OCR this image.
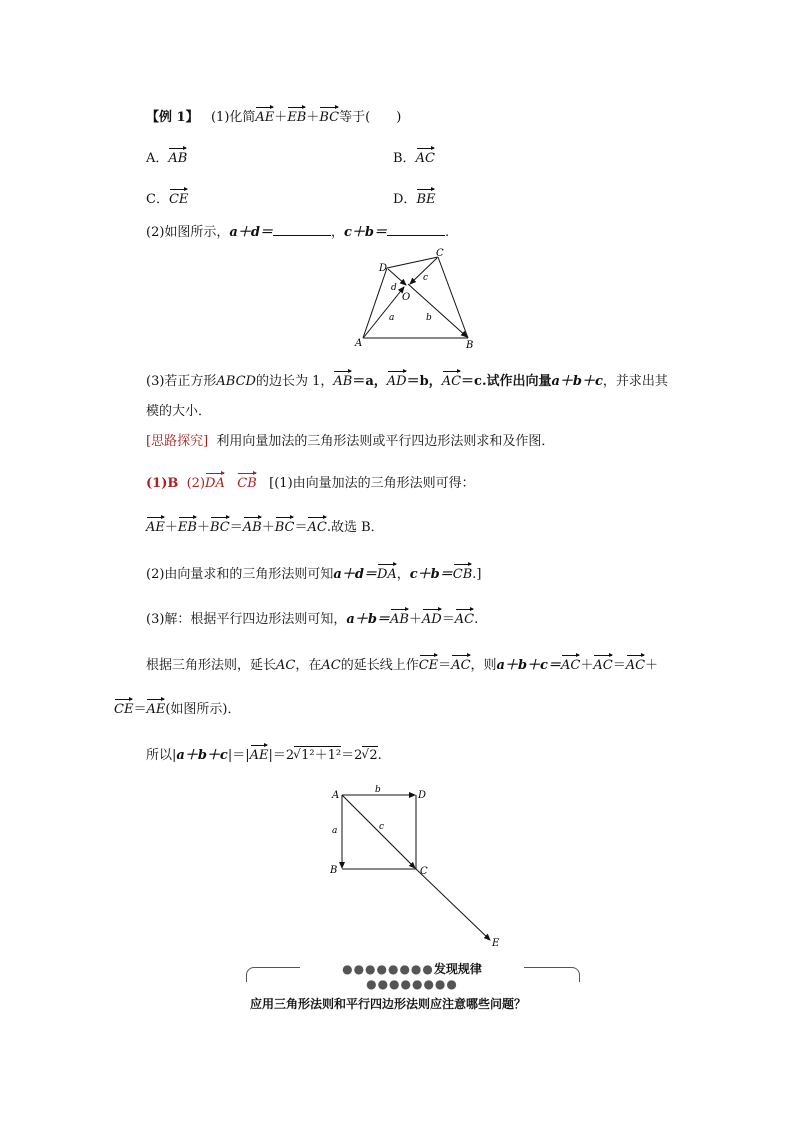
【例 1】 (1)化简AE＋EB＋BC等于(　　)
A．AB	B．AC
C．CE	D．BE
(2)如图所示，a＋d＝	，c＋b＝	.
D
C
A	B
O
a	b
c
d
(3)若正方形ABCD的边长为 1，AB＝a，AD＝b，AC＝c.试作出向量a＋b＋c，并求出其
模的大小．
[思路探究] 利用向量加法的三角形法则或平行四边形法则求和及作图．
(1)B (2)DA CB [(1)由向量加法的三角形法则可得：
AE＋EB＋BC＝AB＋BC＝AC.故选 B．
(2)由向量求和的三角形法则可知a＋d＝DA，c＋b＝CB.]
(3)解：根据平行四边形法则可知，a＋b＝AB＋AD＝AC.
根据三角形法则，延长AC，在AC的延长线上作CE＝AC，则a＋b＋c＝AC＋AC＝AC＋
CE＝AE(如图所示)．
所以|a＋b＋c|＝|AE|＝2 √ 1²＋1²＝2 √ 2.
A	D
B	C
E
b
a	c
●●●●●●●●发现规律●●●●●●●●
应用三角形法则和平行四边形法则应注意哪些问题？
